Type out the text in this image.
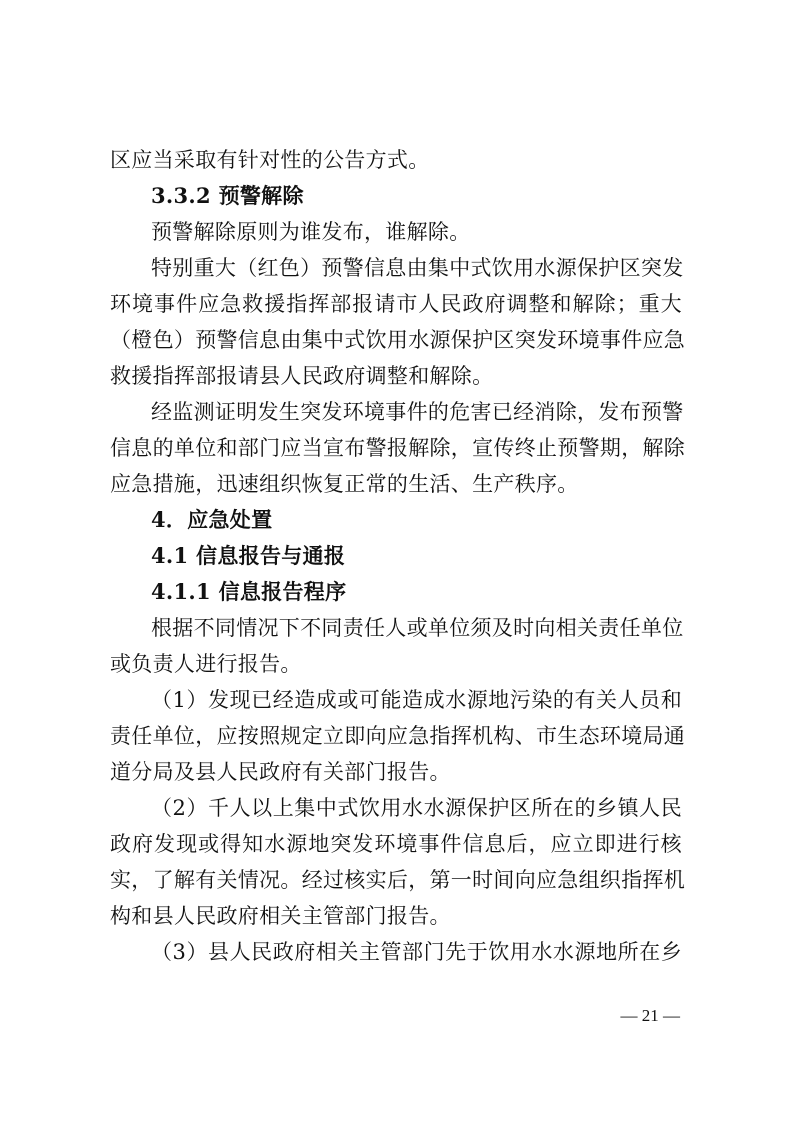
区应当采取有针对性的公告方式。
3.3.2 预警解除
预警解除原则为谁发布，谁解除。
特别重大（红色）预警信息由集中式饮用水源保护区突发
环境事件应急救援指挥部报请市人民政府调整和解除；重大
（橙色）预警信息由集中式饮用水源保护区突发环境事件应急
救援指挥部报请县人民政府调整和解除。
经监测证明发生突发环境事件的危害已经消除，发布预警
信息的单位和部门应当宣布警报解除，宣传终止预警期，解除
应急措施，迅速组织恢复正常的生活、生产秩序。
4．应急处置
4.1 信息报告与通报
4.1.1 信息报告程序
根据不同情况下不同责任人或单位须及时向相关责任单位
或负责人进行报告。
（1）发现已经造成或可能造成水源地污染的有关人员和
责任单位，应按照规定立即向应急指挥机构、市生态环境局通
道分局及县人民政府有关部门报告。
（2）千人以上集中式饮用水水源保护区所在的乡镇人民
政府发现或得知水源地突发环境事件信息后，应立即进行核
实，了解有关情况。经过核实后，第一时间向应急组织指挥机
构和县人民政府相关主管部门报告。
（3）县人民政府相关主管部门先于饮用水水源地所在乡
— 21 —
